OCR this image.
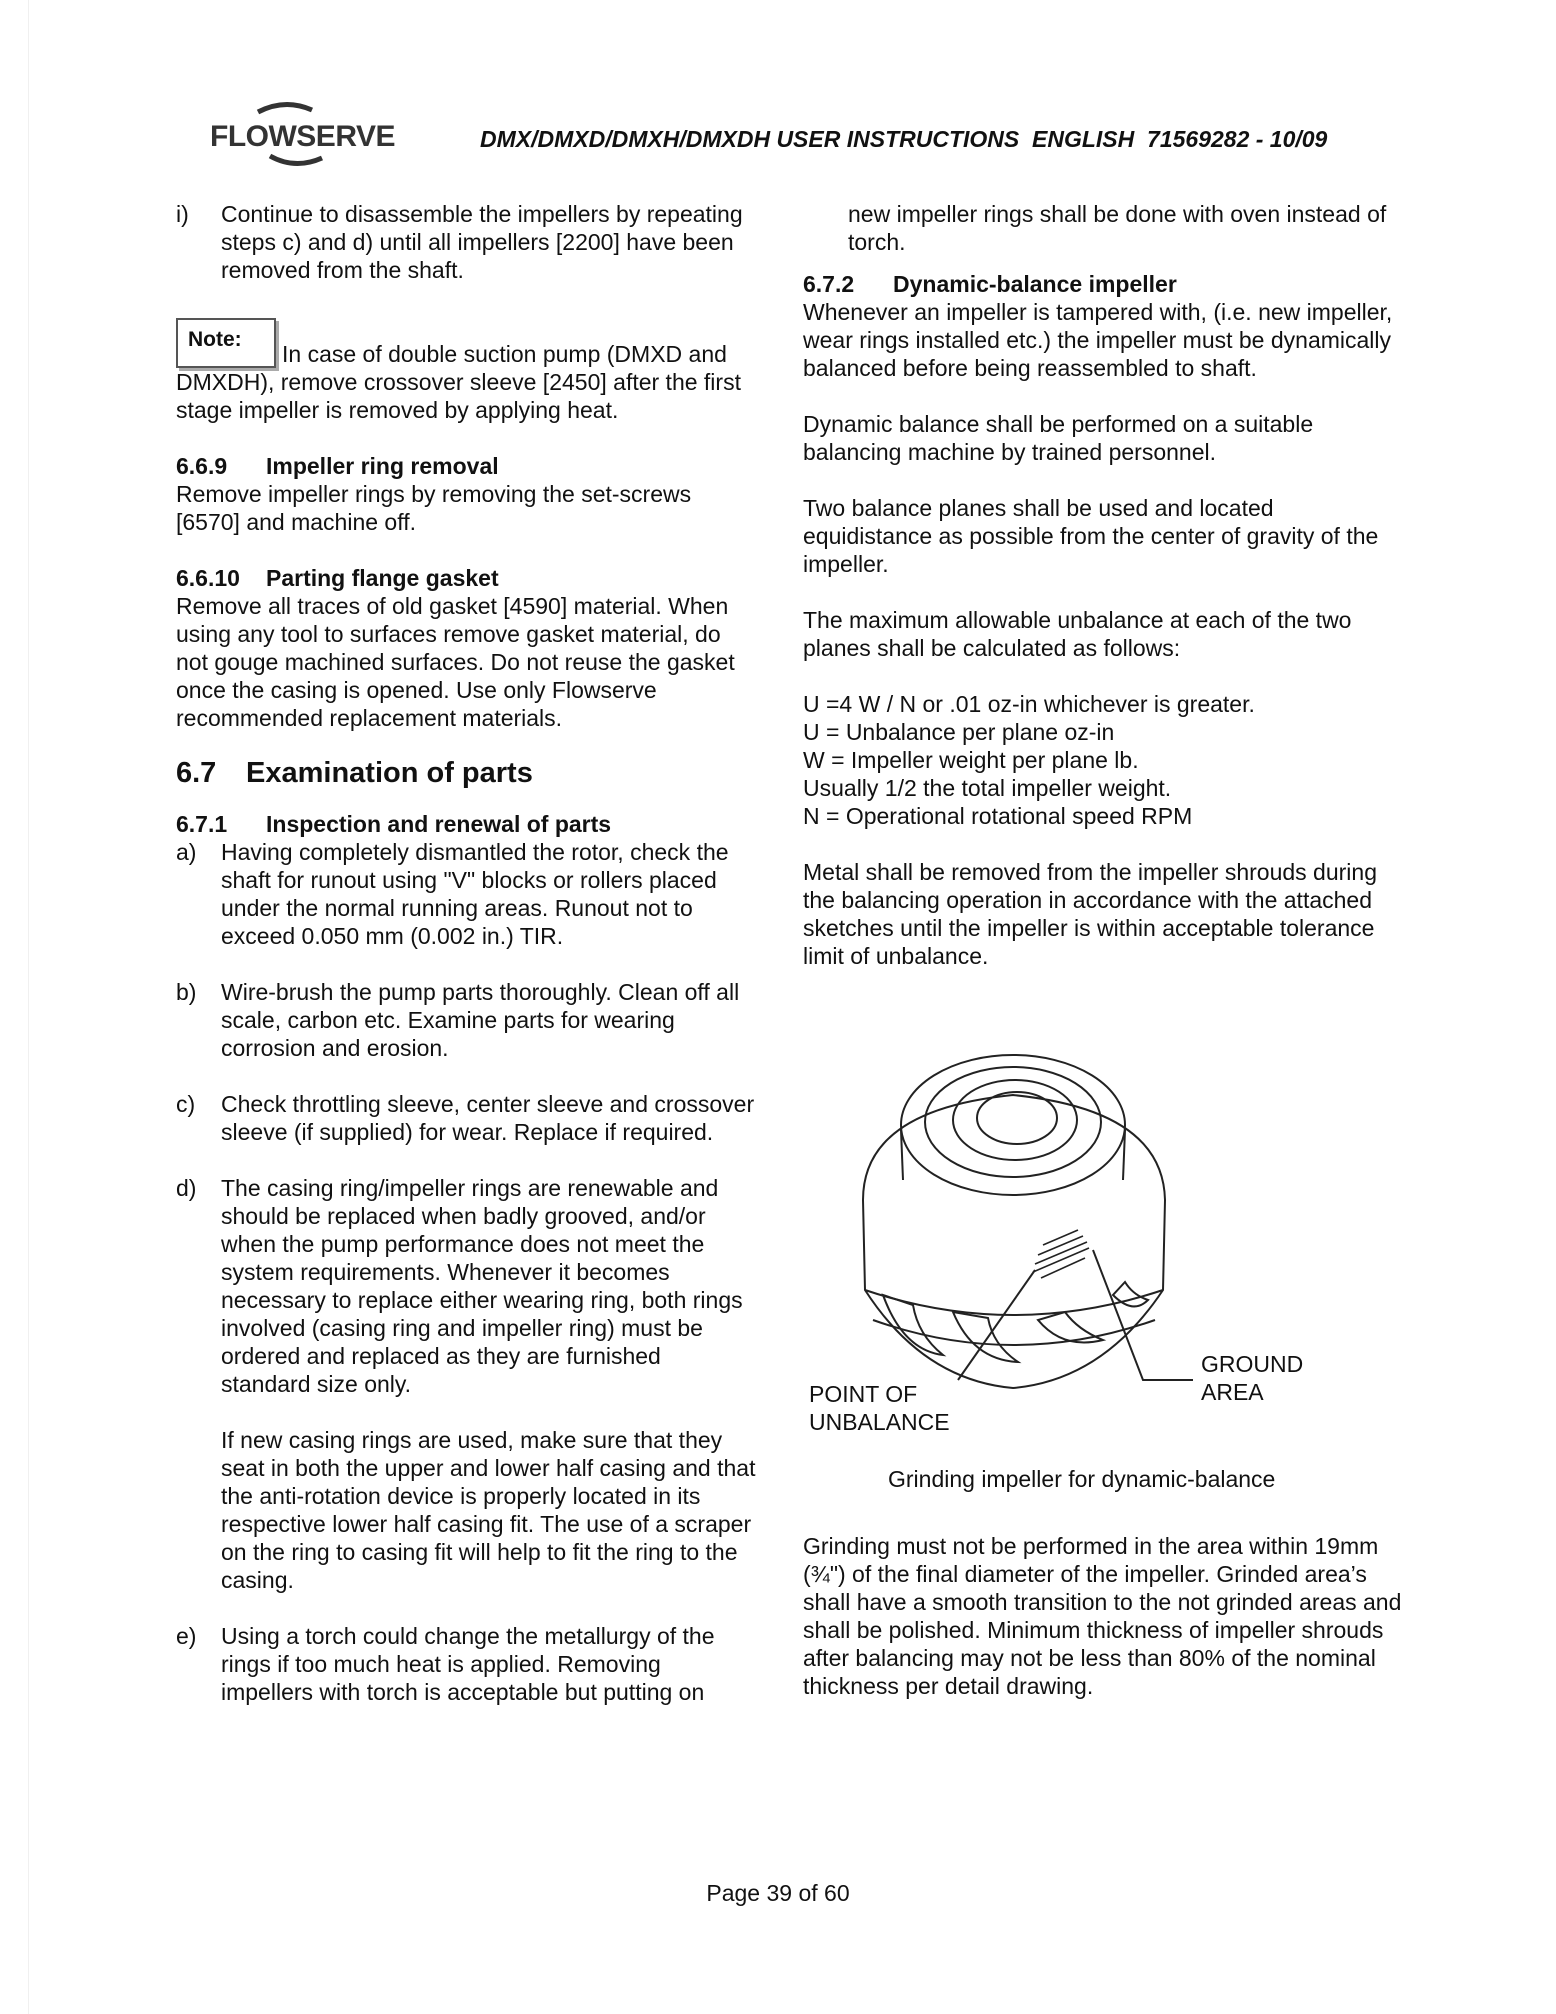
FLOWSERVE	DMX/DMXD/DMXH/DMXDH USER INSTRUCTIONS  ENGLISH  71569282 - 10/09
i) Continue to disassemble the impellers by repeating steps c) and d) until all impellers [2200] have been removed from the shaft.

Note:
In case of double suction pump (DMXD and DMXDH), remove crossover sleeve [2450] after the first stage impeller is removed by applying heat.
6.6.9 Impeller ring removal

Remove impeller rings by removing the set-screws [6570] and machine off.

6.6.10 Parting flange gasket

Remove all traces of old gasket [4590] material. When using any tool to surfaces remove gasket material, do not gouge machined surfaces. Do not reuse the gasket once the casing is opened. Use only Flowserve recommended replacement materials.

6.7 Examination of parts
6.7.1 Inspection and renewal of parts
a) Having completely dismantled the rotor, check the shaft for runout using "V" blocks or rollers placed under the normal running areas. Runout not to exceed 0.050 mm (0.002 in.) TIR.

b) Wire-brush the pump parts thoroughly. Clean off all scale, carbon etc. Examine parts for wearing corrosion and erosion.

c) Check throttling sleeve, center sleeve and crossover sleeve (if supplied) for wear. Replace if required.

d) The casing ring/impeller rings are renewable and should be replaced when badly grooved, and/or when the pump performance does not meet the system requirements. Whenever it becomes necessary to replace either wearing ring, both rings involved (casing ring and impeller ring) must be ordered and replaced as they are furnished standard size only.

If new casing rings are used, make sure that they seat in both the upper and lower half casing and that the anti-rotation device is properly located in its respective lower half casing fit. The use of a scraper on the ring to casing fit will help to fit the ring to the casing.

e) Using a torch could change the metallurgy of the rings if too much heat is applied. Removing impellers with torch is acceptable but putting on

new impeller rings shall be done with oven instead of torch.

6.7.2 Dynamic-balance impeller

Whenever an impeller is tampered with, (i.e. new impeller, wear rings installed etc.) the impeller must be dynamically balanced before being reassembled to shaft.

Dynamic balance shall be performed on a suitable balancing machine by trained personnel.

Two balance planes shall be used and located equidistance as possible from the center of gravity of the impeller.

The maximum allowable unbalance at each of the two planes shall be calculated as follows:

U =4 W / N or .01 oz-in whichever is greater.

U = Unbalance per plane oz-in

W = Impeller weight per plane lb.

Usually 1/2 the total impeller weight.

N = Operational rotational speed RPM

Metal shall be removed from the impeller shrouds during the balancing operation in accordance with the attached sketches until the impeller is within acceptable tolerance limit of unbalance.

POINT OF UNBALANCE
GROUND AREA
Grinding impeller for dynamic-balance

Grinding must not be performed in the area within 19mm (¾") of the final diameter of the impeller. Grinded area’s shall have a smooth transition to the not grinded areas and shall be polished. Minimum thickness of impeller shrouds after balancing may not be less than 80% of the nominal thickness per detail drawing.

Page 39 of 60
